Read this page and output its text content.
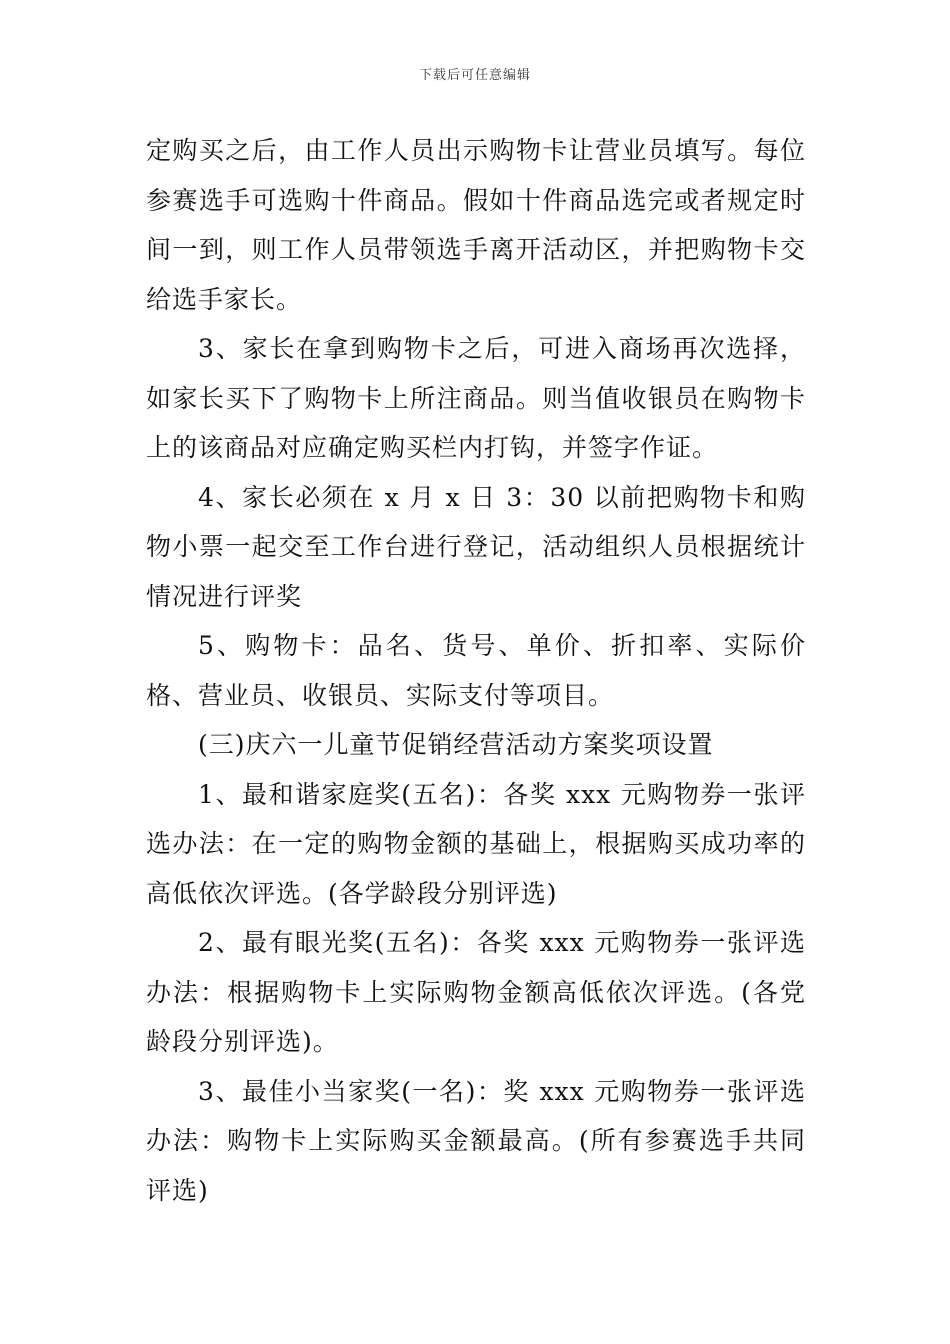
下载后可任意编辑

定购买之后，由工作人员出示购物卡让营业员填写。每位参赛选手可选购十件商品。假如十件商品选完或者规定时间一到，则工作人员带领选手离开活动区，并把购物卡交给选手家长。

3、家长在拿到购物卡之后，可进入商场再次选择，如家长买下了购物卡上所注商品。则当值收银员在购物卡上的该商品对应确定购买栏内打钩，并签字作证。

4、家长必须在 x 月 x 日 3：30 以前把购物卡和购物小票一起交至工作台进行登记，活动组织人员根据统计情况进行评奖

5、购物卡：品名、货号、单价、折扣率、实际价格、营业员、收银员、实际支付等项目。

(三)庆六一儿童节促销经营活动方案奖项设置

1、最和谐家庭奖(五名)：各奖 xxx 元购物券一张评选办法：在一定的购物金额的基础上，根据购买成功率的高低依次评选。(各学龄段分别评选)

2、最有眼光奖(五名)：各奖 xxx 元购物券一张评选办法：根据购物卡上实际购物金额高低依次评选。(各党龄段分别评选)。

3、最佳小当家奖(一名)：奖 xxx 元购物券一张评选办法：购物卡上实际购买金额最高。(所有参赛选手共同评选)
